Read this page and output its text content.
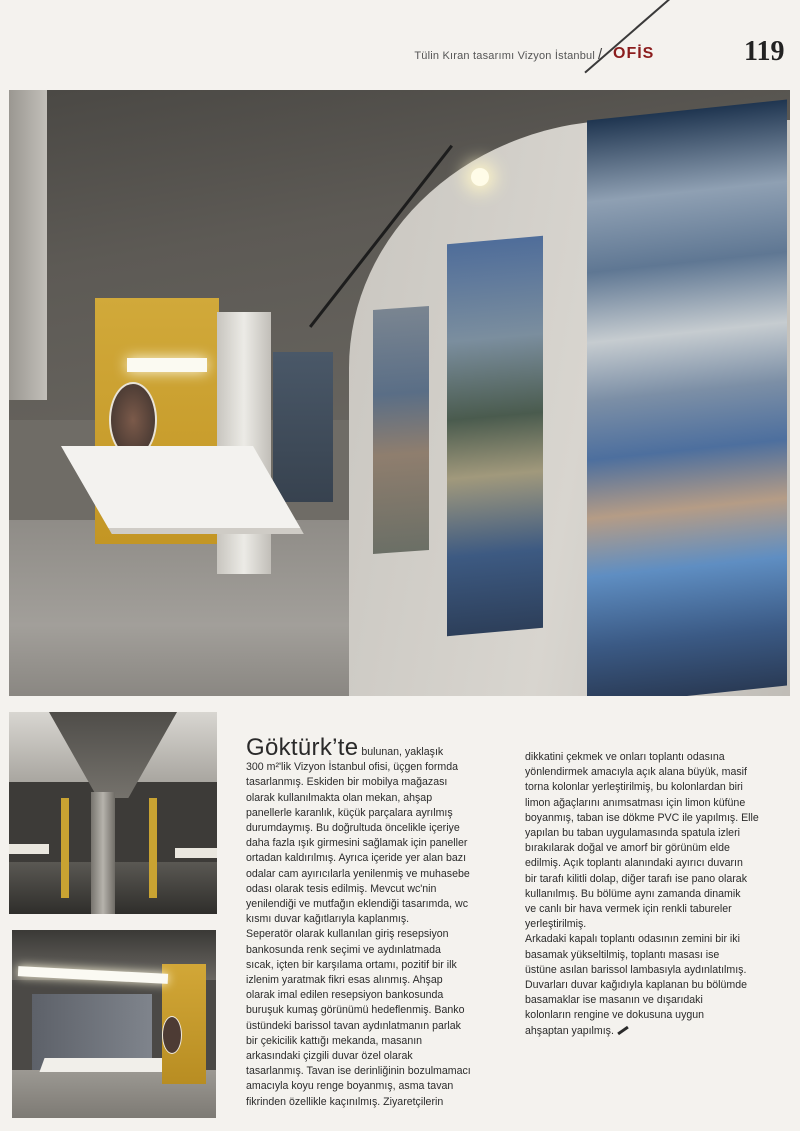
Tülin Kıran tasarımı Vizyon İstanbul / OFİS	119

Göktürk’te bulunan, yaklaşık

300 m²'lik Vizyon İstanbul ofisi, üçgen formda
tasarlanmış. Eskiden bir mobilya mağazası
olarak kullanılmakta olan mekan, ahşap
panellerle karanlık, küçük parçalara ayrılmış
durumdaymış. Bu doğrultuda öncelikle içeriye
daha fazla ışık girmesini sağlamak için paneller
ortadan kaldırılmış. Ayrıca içeride yer alan bazı
odalar cam ayırıcılarla yenilenmiş ve muhasebe
odası olarak tesis edilmiş. Mevcut wc'nin
yenilendiği ve mutfağın eklendiği tasarımda, wc
kısmı duvar kağıtlarıyla kaplanmış.
Seperatör olarak kullanılan giriş resepsiyon
bankosunda renk seçimi ve aydınlatmada
sıcak, içten bir karşılama ortamı, pozitif bir ilk
izlenim yaratmak fikri esas alınmış. Ahşap
olarak imal edilen resepsiyon bankosunda
buruşuk kumaş görünümü hedeflenmiş. Banko
üstündeki barissol tavan aydınlatmanın parlak
bir çekicilik kattığı mekanda, masanın
arkasındaki çizgili duvar özel olarak
tasarlanmış. Tavan ise derinliğinin bozulmamacı
amacıyla koyu renge boyanmış, asma tavan
fikrinden özellikle kaçınılmış. Ziyaretçilerin
dikkatini çekmek ve onları toplantı odasına
yönlendirmek amacıyla açık alana büyük, masif
torna kolonlar yerleştirilmiş, bu kolonlardan biri
limon ağaçlarını anımsatması için limon küfüne
boyanmış, taban ise dökme PVC ile yapılmış. Elle
yapılan bu taban uygulamasında spatula izleri
bırakılarak doğal ve amorf bir görünüm elde
edilmiş. Açık toplantı alanındaki ayırıcı duvarın
bir tarafı kilitli dolap, diğer tarafı ise pano olarak
kullanılmış. Bu bölüme aynı zamanda dinamik
ve canlı bir hava vermek için renkli tabureler
yerleştirilmiş.
Arkadaki kapalı toplantı odasının zemini bir iki
basamak yükseltilmiş, toplantı masası ise
üstüne asılan barissol lambasıyla aydınlatılmış.
Duvarları duvar kağıdıyla kaplanan bu bölümde
basamaklar ise masanın ve dışarıdaki
kolonların rengine ve dokusuna uygun
ahşaptan yapılmış.
